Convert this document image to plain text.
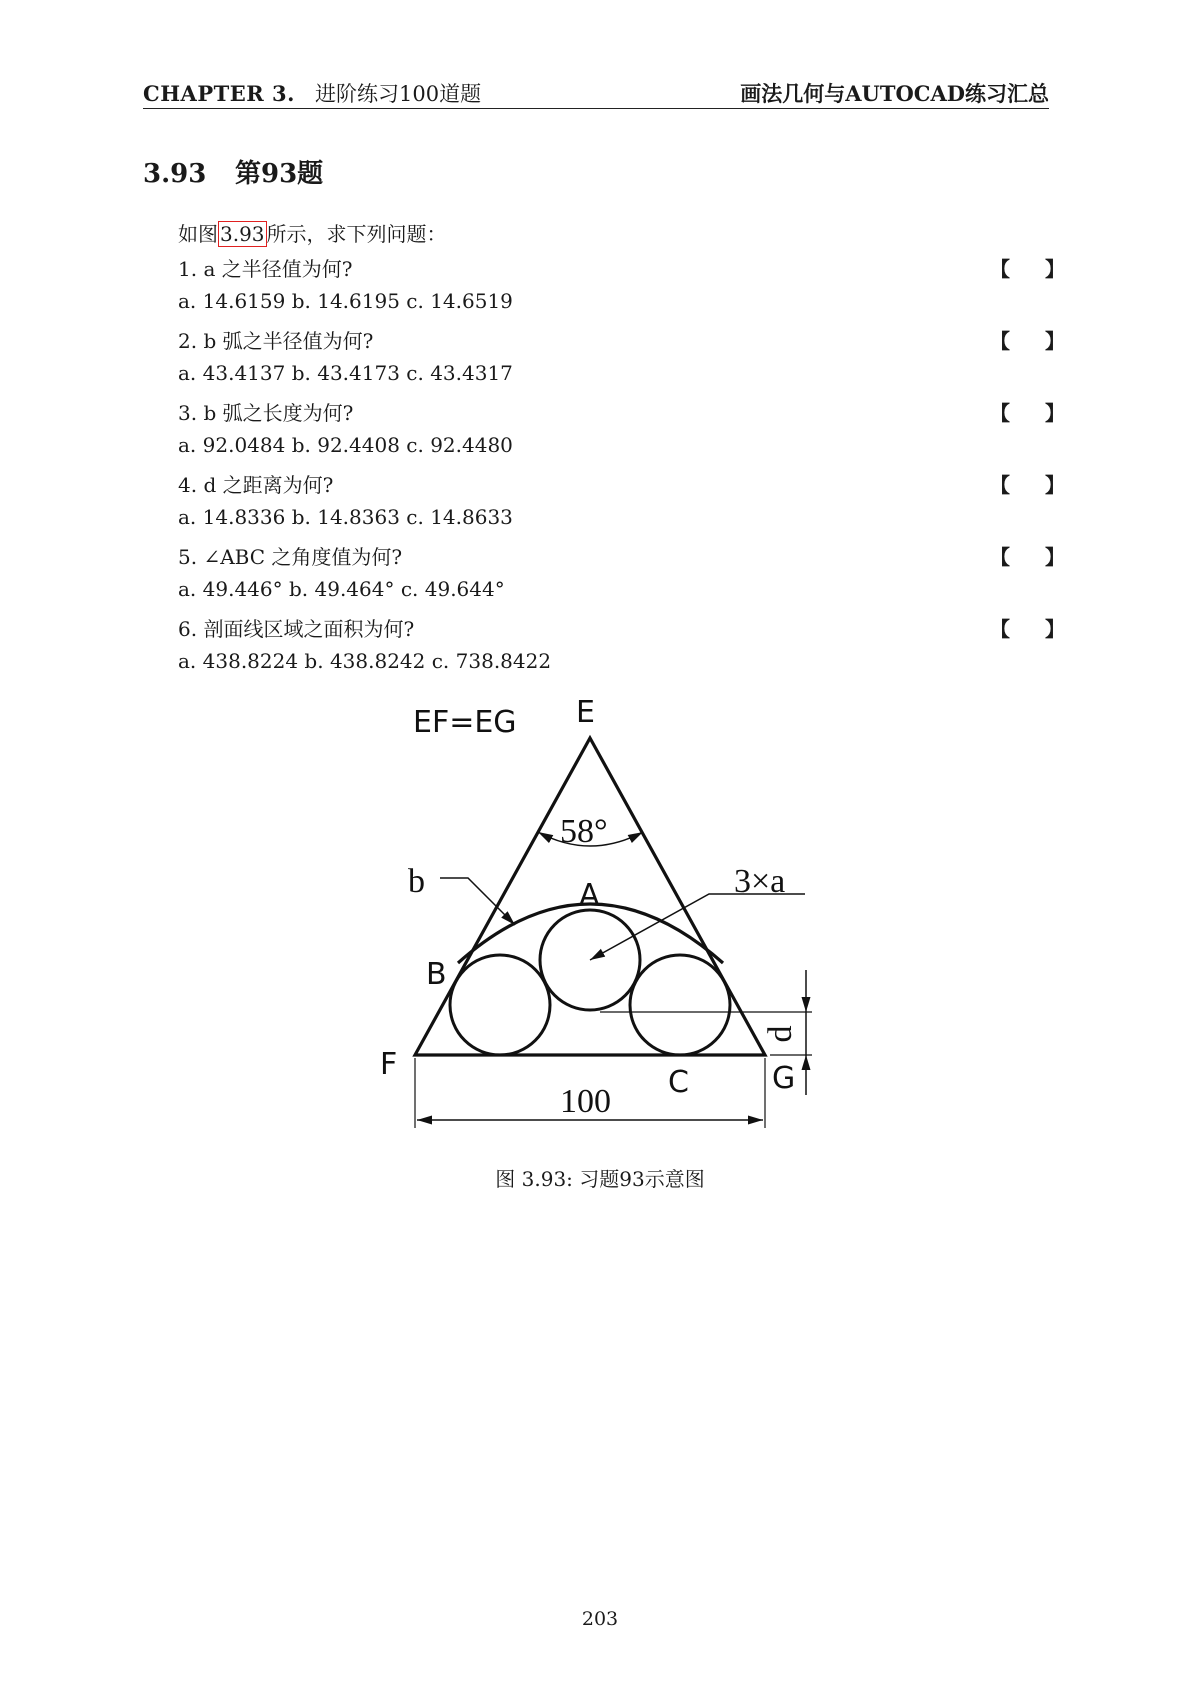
CHAPTER 3. 进阶练习100道题	画法几何与AUTOCAD练习汇总
3.93 第93题
如图 3.93 所示，求下列问题：
1. a 之半径值为何?	【 】
a. 14.6159 b. 14.6195 c. 14.6519
2. b 弧之半径值为何?	【 】
a. 43.4137 b. 43.4173 c. 43.4317
3. b 弧之长度为何?	【 】
a. 92.0484 b. 92.4408 c. 92.4480
4. d 之距离为何?	【 】
a. 14.8336 b. 14.8363 c. 14.8633
5. ∠ABC 之角度值为何?	【 】
a. 49.446° b. 49.464° c. 49.644°
6. 剖面线区域之面积为何?	【 】
a. 438.8224 b. 438.8242 c. 738.8422
EF=EG E
A
B
C
F	G
58°
b	3×a
100
d
图 3.93: 习题93示意图
203
